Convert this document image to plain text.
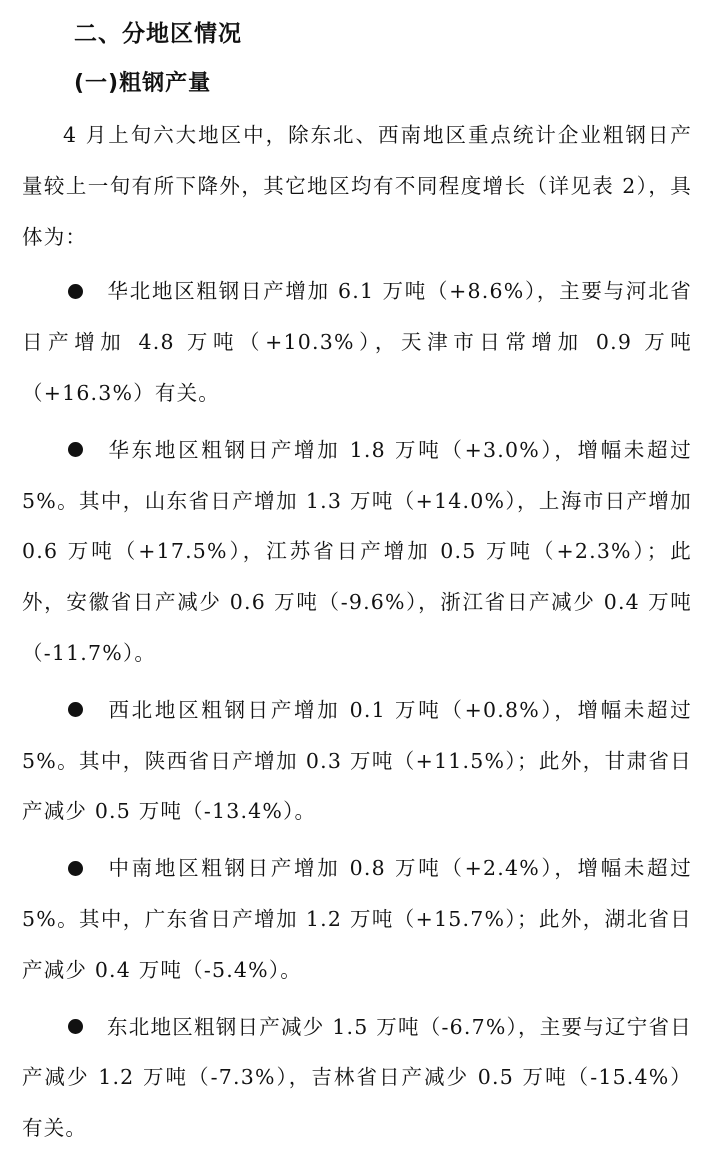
二、分地区情况
(一)粗钢产量

4 月上旬六大地区中，除东北、西南地区重点统计企业粗钢日产量较上一旬有所下降外，其它地区均有不同程度增长（详见表 2），具体为：

华北地区粗钢日产增加 6.1 万吨（+8.6%），主要与河北省日产增加 4.8 万吨（+10.3%），天津市日常增加 0.9 万吨（+16.3%）有关。

华东地区粗钢日产增加 1.8 万吨（+3.0%），增幅未超过 5%。其中，山东省日产增加 1.3 万吨（+14.0%），上海市日产增加 0.6 万吨（+17.5%），江苏省日产增加 0.5 万吨（+2.3%）；此外，安徽省日产减少 0.6 万吨（-9.6%），浙江省日产减少 0.4 万吨（-11.7%）。

西北地区粗钢日产增加 0.1 万吨（+0.8%），增幅未超过 5%。其中，陕西省日产增加 0.3 万吨（+11.5%）；此外，甘肃省日产减少 0.5 万吨（-13.4%）。

中南地区粗钢日产增加 0.8 万吨（+2.4%），增幅未超过 5%。其中，广东省日产增加 1.2 万吨（+15.7%）；此外，湖北省日产减少 0.4 万吨（-5.4%）。

东北地区粗钢日产减少 1.5 万吨（-6.7%），主要与辽宁省日产减少 1.2 万吨（-7.3%），吉林省日产减少 0.5 万吨（-15.4%）有关。
